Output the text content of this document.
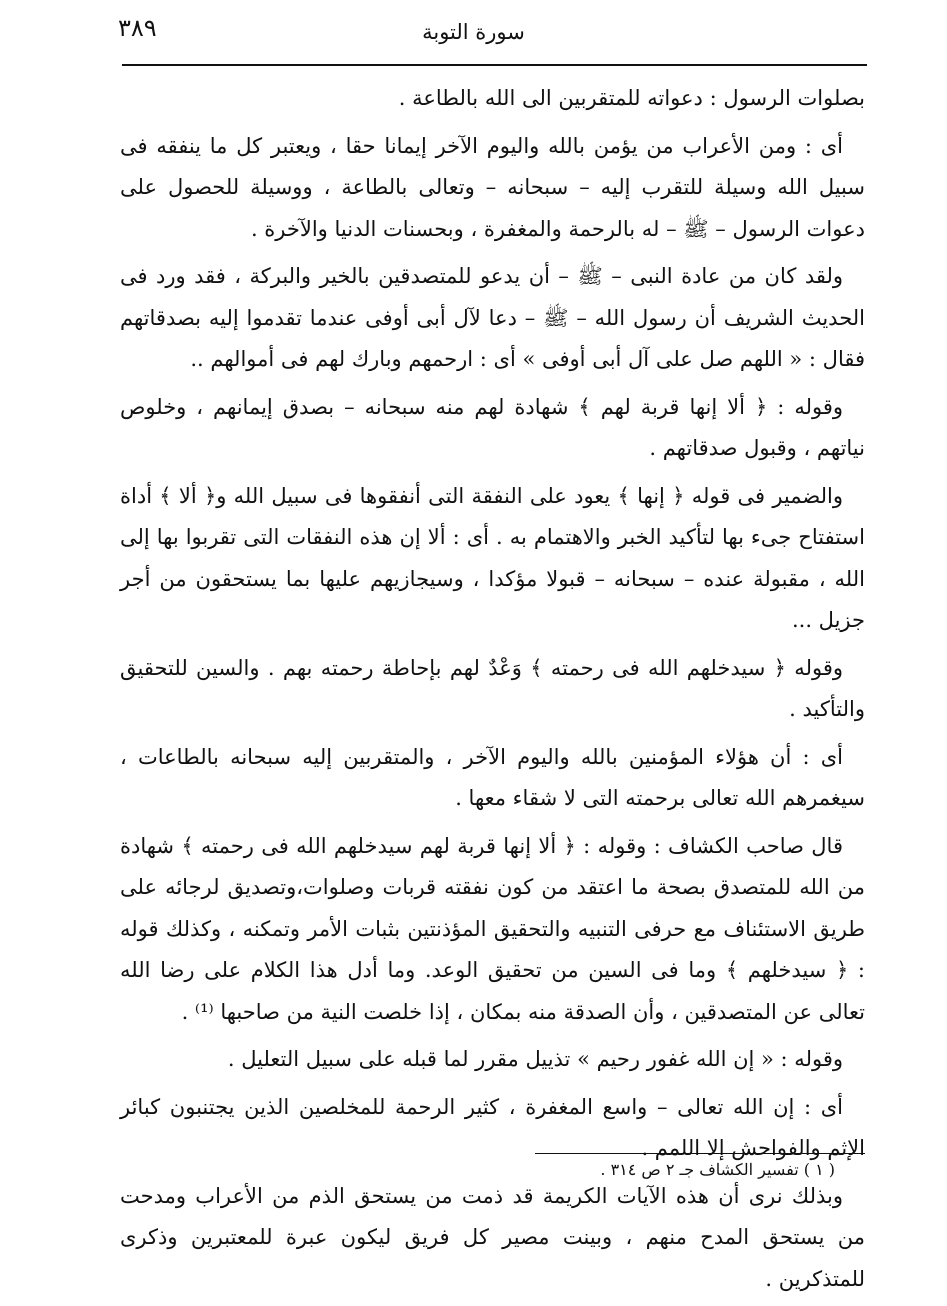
٣٨٩	سورة التوبة

بصلوات الرسول : دعواته للمتقربين الى الله بالطاعة .

أى : ومن الأعراب من يؤمن بالله واليوم الآخر إيمانا حقا ، ويعتبر كل ما ينفقه فى سبيل الله وسيلة للتقرب إليه – سبحانه – وتعالى بالطاعة ، ووسيلة للحصول على دعوات الرسول – ﷺ – له بالرحمة والمغفرة ، وبحسنات الدنيا والآخرة .

ولقد كان من عادة النبى – ﷺ – أن يدعو للمتصدقين بالخير والبركة ، فقد ورد فى الحديث الشريف أن رسول الله – ﷺ – دعا لآل أبى أوفى عندما تقدموا إليه بصدقاتهم فقال : « اللهم صل على آل أبى أوفى » أى : ارحمهم وبارك لهم فى أموالهم ..

وقوله : ﴿ ألا إنها قربة لهم ﴾ شهادة لهم منه سبحانه – بصدق إيمانهم ، وخلوص نياتهم ، وقبول صدقاتهم .

والضمير فى قوله ﴿ إنها ﴾ يعود على النفقة التى أنفقوها فى سبيل الله و﴿ ألا ﴾ أداة استفتاح جىء بها لتأكيد الخبر والاهتمام به . أى : ألا إن هذه النفقات التى تقربوا بها إلى الله ، مقبولة عنده – سبحانه – قبولا مؤكدا ، وسيجازيهم عليها بما يستحقون من أجر جزيل ...

وقوله ﴿ سيدخلهم الله فى رحمته ﴾ وَعْدٌ لهم بإحاطة رحمته بهم . والسين للتحقيق والتأكيد .

أى : أن هؤلاء المؤمنين بالله واليوم الآخر ، والمتقربين إليه سبحانه بالطاعات ، سيغمرهم الله تعالى برحمته التى لا شقاء معها .

قال صاحب الكشاف : وقوله : ﴿ ألا إنها قربة لهم سيدخلهم الله فى رحمته ﴾ شهادة من الله للمتصدق بصحة ما اعتقد من كون نفقته قربات وصلوات،وتصديق لرجائه على طريق الاستئناف مع حرفى التنبيه والتحقيق المؤذنتين بثبات الأمر وتمكنه ، وكذلك قوله : ﴿ سيدخلهم ﴾ وما فى السين من تحقيق الوعد. وما أدل هذا الكلام على رضا الله تعالى عن المتصدقين ، وأن الصدقة منه بمكان ، إذا خلصت النية من صاحبها ⁽¹⁾ .

وقوله : « إن الله غفور رحيم » تذييل مقرر لما قبله على سبيل التعليل .

أى : إن الله تعالى – واسع المغفرة ، كثير الرحمة للمخلصين الذين يجتنبون كبائر الإثم والفواحش إلا اللمم .

وبذلك نرى أن هذه الآيات الكريمة قد ذمت من يستحق الذم من الأعراب ومدحت من يستحق المدح منهم ، وبينت مصير كل فريق ليكون عبرة للمعتبرين وذكرى للمتذكرين .

( ١ ) تفسير الكشاف جـ ٢ ص ٣١٤ .
